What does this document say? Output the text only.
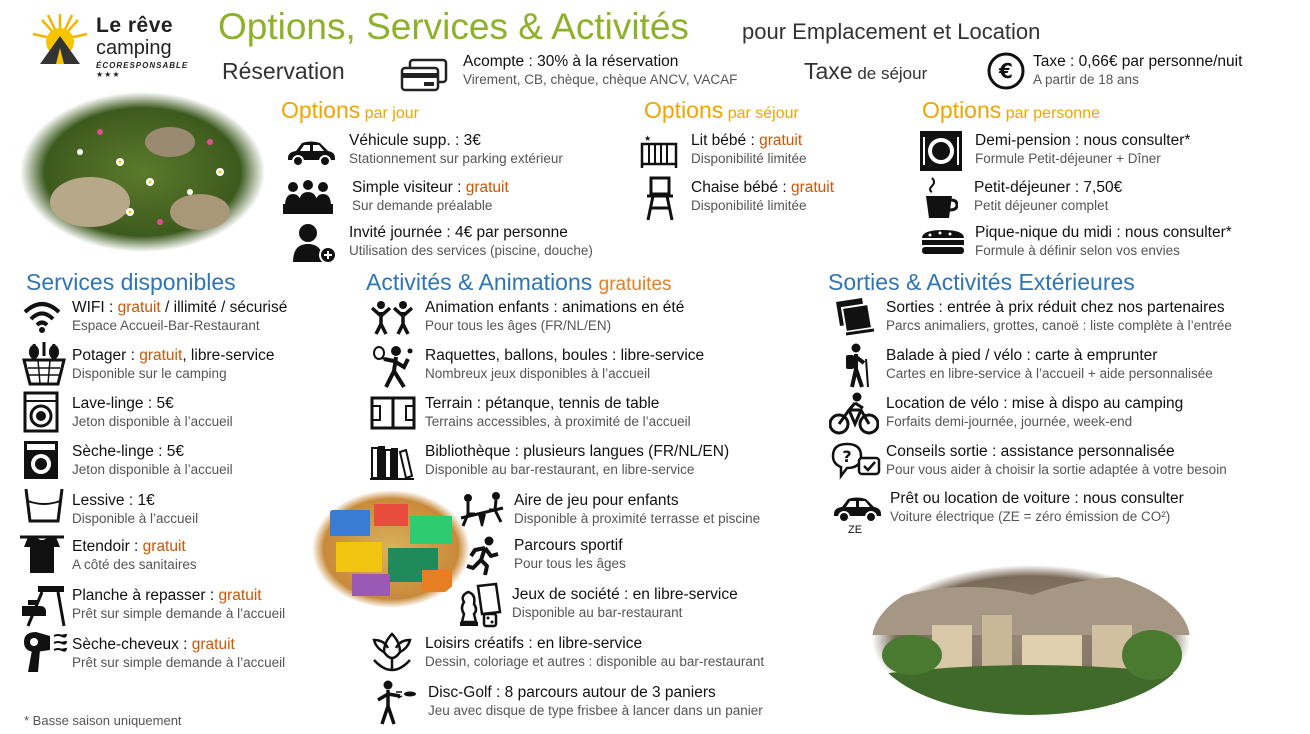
Le rêve
camping
ÉCORESPONSABLE ★★★
Options, Services & Activités pour Emplacement et Location
Réservation	Acompte : 30% à la réservation
Virement, CB, chèque, chèque ANCV, VACAF	Taxe de séjour	€ Taxe : 0,66€ par personne/nuit
A partir de 18 ans
Options par jour
Véhicule supp. : 3€
Stationnement sur parking extérieur
Simple visiteur : gratuit
Sur demande préalable
Invité journée : 4€ par personne
Utilisation des services (piscine, douche)
Options par séjour
★	Lit bébé : gratuit
Disponibilité limitée
Chaise bébé : gratuit
Disponibilité limitée
Options par personne
Demi-pension : nous consulter*
Formule Petit-déjeuner + Dîner
Petit-déjeuner : 7,50€
Petit déjeuner complet
Pique-nique du midi : nous consulter*
Formule à définir selon vos envies
Services disponibles
WIFI : gratuit / illimité / sécurisé
Espace Accueil-Bar-Restaurant
Potager : gratuit, libre-service
Disponible sur le camping
Lave-linge : 5€
Jeton disponible à l’accueil
Sèche-linge : 5€
Jeton disponible à l’accueil
Lessive : 1€
Disponible à l’accueil
Etendoir : gratuit
A côté des sanitaires
Planche à repasser : gratuit
Prêt sur simple demande à l’accueil
Sèche-cheveux : gratuit
Prêt sur simple demande à l’accueil
Activités & Animations gratuites
Animation enfants : animations en été
Pour tous les âges (FR/NL/EN)
Raquettes, ballons, boules : libre-service
Nombreux jeux disponibles à l’accueil
Terrain : pétanque, tennis de table
Terrains accessibles, à proximité de l’accueil
Bibliothèque : plusieurs langues (FR/NL/EN)
Disponible au bar-restaurant, en libre-service
Aire de jeu pour enfants
Disponible à proximité terrasse et piscine
Parcours sportif
Pour tous les âges
Jeux de société : en libre-service
Disponible au bar-restaurant
Loisirs créatifs : en libre-service
Dessin, coloriage et autres : disponible au bar-restaurant
Disc-Golf : 8 parcours autour de 3 paniers
Jeu avec disque de type frisbee à lancer dans un panier
Sorties & Activités Extérieures
Sorties : entrée à prix réduit chez nos partenaires
Parcs animaliers, grottes, canoë : liste complète à l’entrée
Balade à pied / vélo : carte à emprunter
Cartes en libre-service à l’accueil + aide personnalisée
Location de vélo : mise à dispo au camping
Forfaits demi-journée, journée, week-end
? Conseils sortie : assistance personnalisée
Pour vous aider à choisir la sortie adaptée à votre besoin
ZE
Prêt ou location de voiture : nous consulter
Voiture électrique (ZE = zéro émission de CO²)
* Basse saison uniquement
